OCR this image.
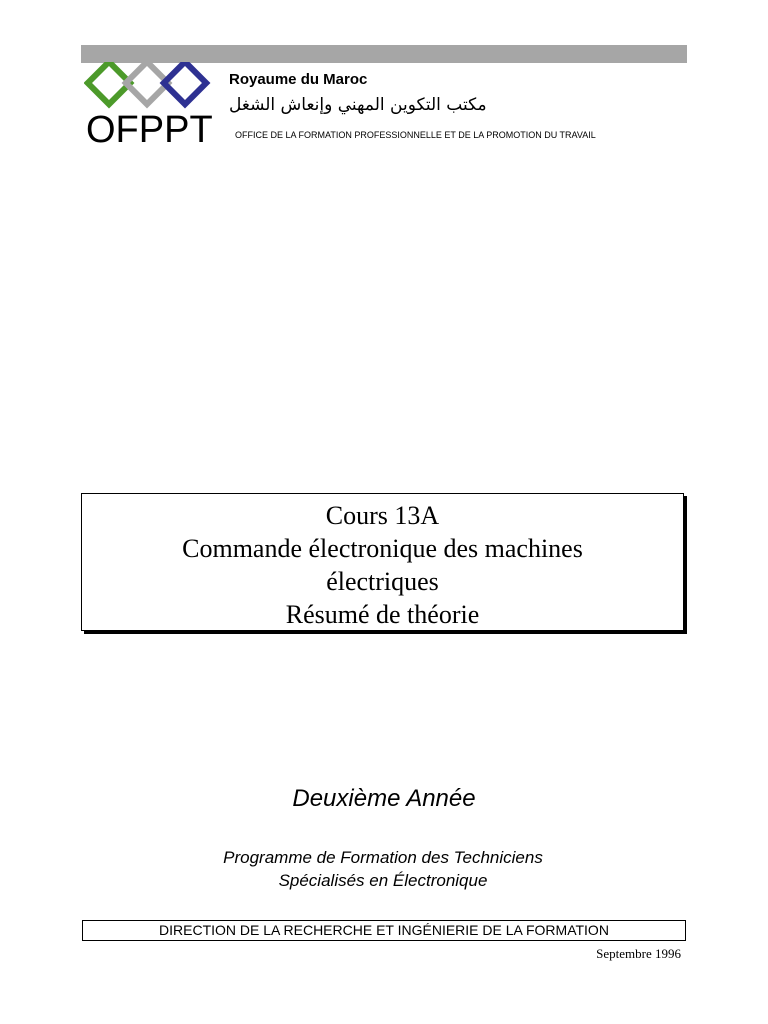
OFPPT
Royaume du Maroc
مكتب التكوين المهني وإنعاش الشغل
OFFICE DE LA FORMATION PROFESSIONNELLE ET DE LA PROMOTION DU TRAVAIL
Cours 13A
Commande électronique des machines
électriques
Résumé de théorie
Deuxième Année
Programme de Formation des Techniciens
Spécialisés en Électronique
DIRECTION DE LA RECHERCHE ET INGÉNIERIE DE LA FORMATION
Septembre 1996
